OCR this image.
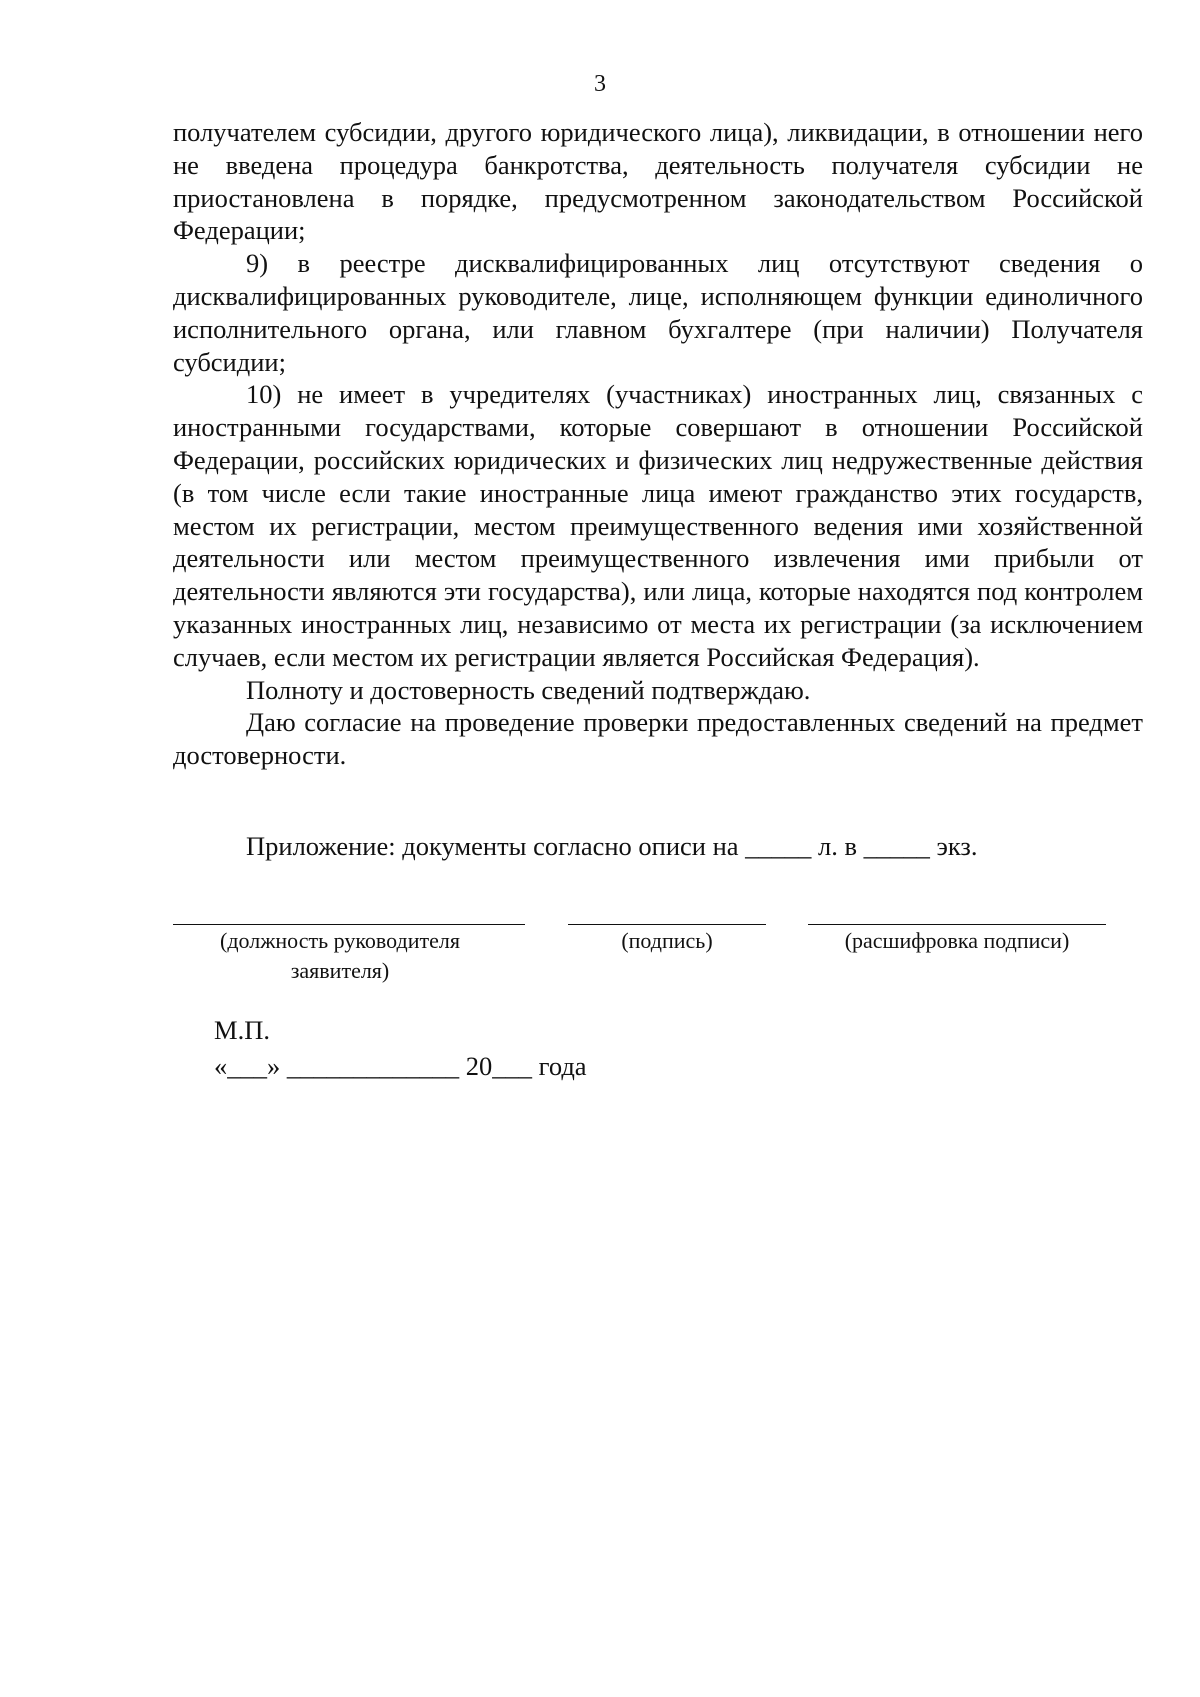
3

получателем субсидии, другого юридического лица), ликвидации, в отношении него не введена процедура банкротства, деятельность получателя субсидии не приостановлена в порядке, предусмотренном законодательством Российской Федерации;

9) в реестре дисквалифицированных лиц отсутствуют сведения о дисквалифицированных руководителе, лице, исполняющем функции единоличного исполнительного органа, или главном бухгалтере (при наличии) Получателя субсидии;

10) не имеет в учредителях (участниках) иностранных лиц, связанных с иностранными государствами, которые совершают в отношении Российской Федерации, российских юридических и физических лиц недружественные действия (в том числе если такие иностранные лица имеют гражданство этих государств, местом их регистрации, местом преимущественного ведения ими хозяйственной деятельности или местом преимущественного извлечения ими прибыли от деятельности являются эти государства), или лица, которые находятся под контролем указанных иностранных лиц, независимо от места их регистрации (за исключением случаев, если местом их регистрации является Российская Федерация).

Полноту и достоверность сведений подтверждаю.

Даю согласие на проведение проверки предоставленных сведений на предмет достоверности.

Приложение: документы согласно описи на _____ л. в _____ экз.
(должность руководителя заявителя)
(подпись)	(расшифровка подписи)
М.П.
«___» _____________ 20___ года
